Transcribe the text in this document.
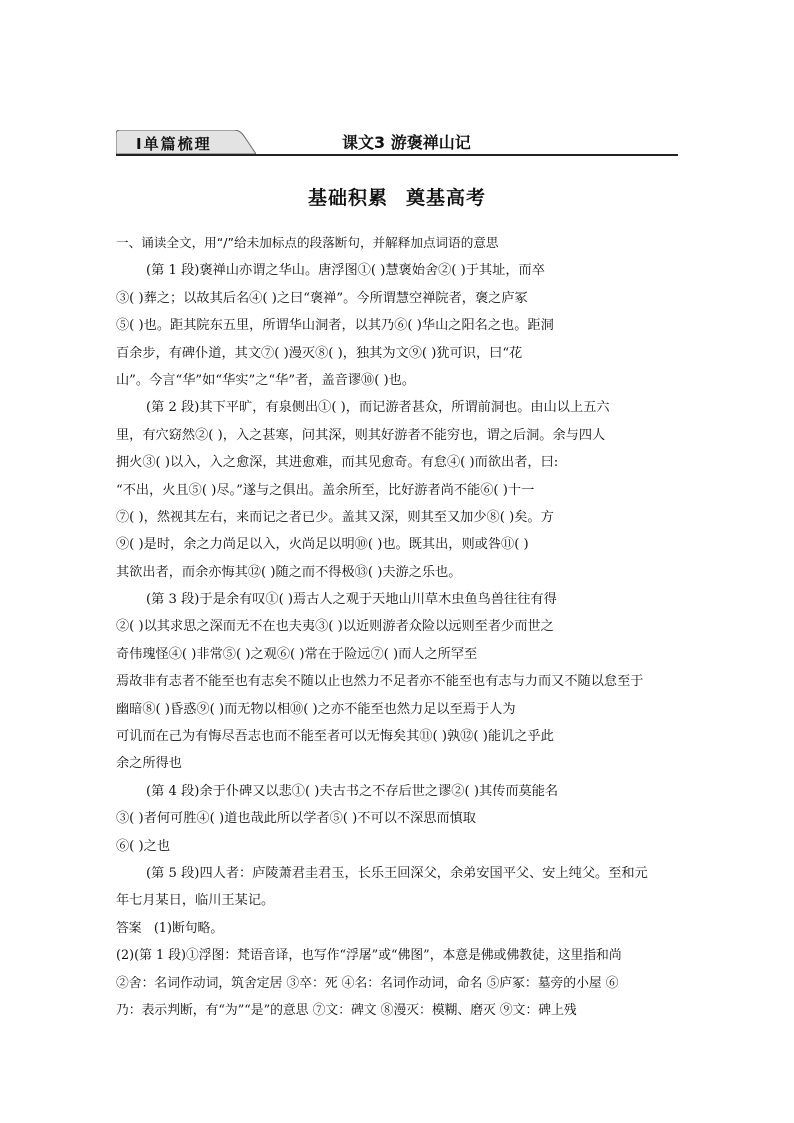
Ⅰ单篇梳理	课文3 游褒禅山记
基础积累 奠基高考
一、诵读全文，用“/”给未加标点的段落断句，并解释加点词语的意思
(第 1 段)褒禅山亦谓之华山。唐浮图①( )慧褒始舍②( )于其址，而卒
③( )葬之；以故其后名④( )之曰“褒禅”。今所谓慧空禅院者，褒之庐冢
⑤( )也。距其院东五里，所谓华山洞者，以其乃⑥( )华山之阳名之也。距洞
百余步，有碑仆道，其文⑦( )漫灭⑧( )，独其为文⑨( )犹可识，曰“花
山”。今言“华”如“华实”之“华”者，盖音谬⑩( )也。
(第 2 段)其下平旷，有泉侧出①( )，而记游者甚众，所谓前洞也。由山以上五六
里，有穴窈然②( )，入之甚寒，问其深，则其好游者不能穷也，谓之后洞。余与四人
拥火③( )以入，入之愈深，其进愈难，而其见愈奇。有怠④( )而欲出者，曰:
“不出，火且⑤( )尽。”遂与之俱出。盖余所至，比好游者尚不能⑥( )十一
⑦( )，然视其左右，来而记之者已少。盖其又深，则其至又加少⑧( )矣。方
⑨( )是时，余之力尚足以入，火尚足以明⑩( )也。既其出，则或咎⑪( )
其欲出者，而余亦悔其⑫( )随之而不得极⑬( )夫游之乐也。
(第 3 段)于是余有叹①( )焉古人之观于天地山川草木虫鱼鸟兽往往有得
②( )以其求思之深而无不在也夫夷③( )以近则游者众险以远则至者少而世之
奇伟瑰怪④( )非常⑤( )之观⑥( )常在于险远⑦( )而人之所罕至
焉故非有志者不能至也有志矣不随以止也然力不足者亦不能至也有志与力而又不随以怠至于
幽暗⑧( )昏惑⑨( )而无物以相⑩( )之亦不能至也然力足以至焉于人为
可讥而在己为有悔尽吾志也而不能至者可以无悔矣其⑪( )孰⑫( )能讥之乎此
余之所得也
(第 4 段)余于仆碑又以悲①( )夫古书之不存后世之谬②( )其传而莫能名
③( )者何可胜④( )道也哉此所以学者⑤( )不可以不深思而慎取
⑥( )之也
(第 5 段)四人者：庐陵萧君圭君玉，长乐王回深父，余弟安国平父、安上纯父。至和元
年七月某日，临川王某记。
答案 (1)断句略。
(2)(第 1 段)①浮图：梵语音译，也写作“浮屠”或“佛图”，本意是佛或佛教徒，这里指和尚
②舍：名词作动词，筑舍定居 ③卒：死 ④名：名词作动词，命名 ⑤庐冢：墓旁的小屋 ⑥
乃：表示判断，有“为”“是”的意思 ⑦文：碑文 ⑧漫灭：模糊、磨灭 ⑨文：碑上残
